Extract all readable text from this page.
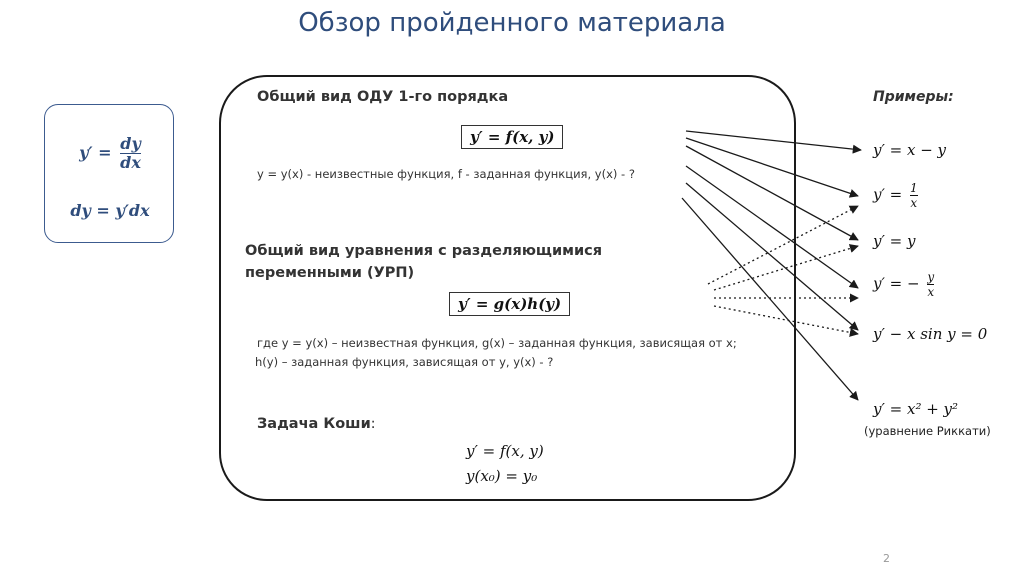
Обзор пройденного материала
$y' = \frac{dy}{dx}$
dy = y′dx
Общий вид ОДУ 1-го порядка
y′ = f(x, y)
y = y(x) - неизвестные функция, f - заданная функция, y(x) - ?
Общий вид уравнения с разделяющимися
переменными (УРП)
y′ = g(x)h(y)
где y = y(x) – неизвестная функция, g(x) – заданная функция, зависящая от x;
h(y) – заданная функция, зависящая от y, y(x) - ?
Задача Коши:
y′ = f(x, y)
y(x₀) = y₀
Примеры:
y′ = x − y
$y' = \frac{1}{x}$
y′ = y
y′ = − $\frac{y}{x}$
y′ − x sin y = 0
y′ = x² + y²
(уравнение Риккати)
2
